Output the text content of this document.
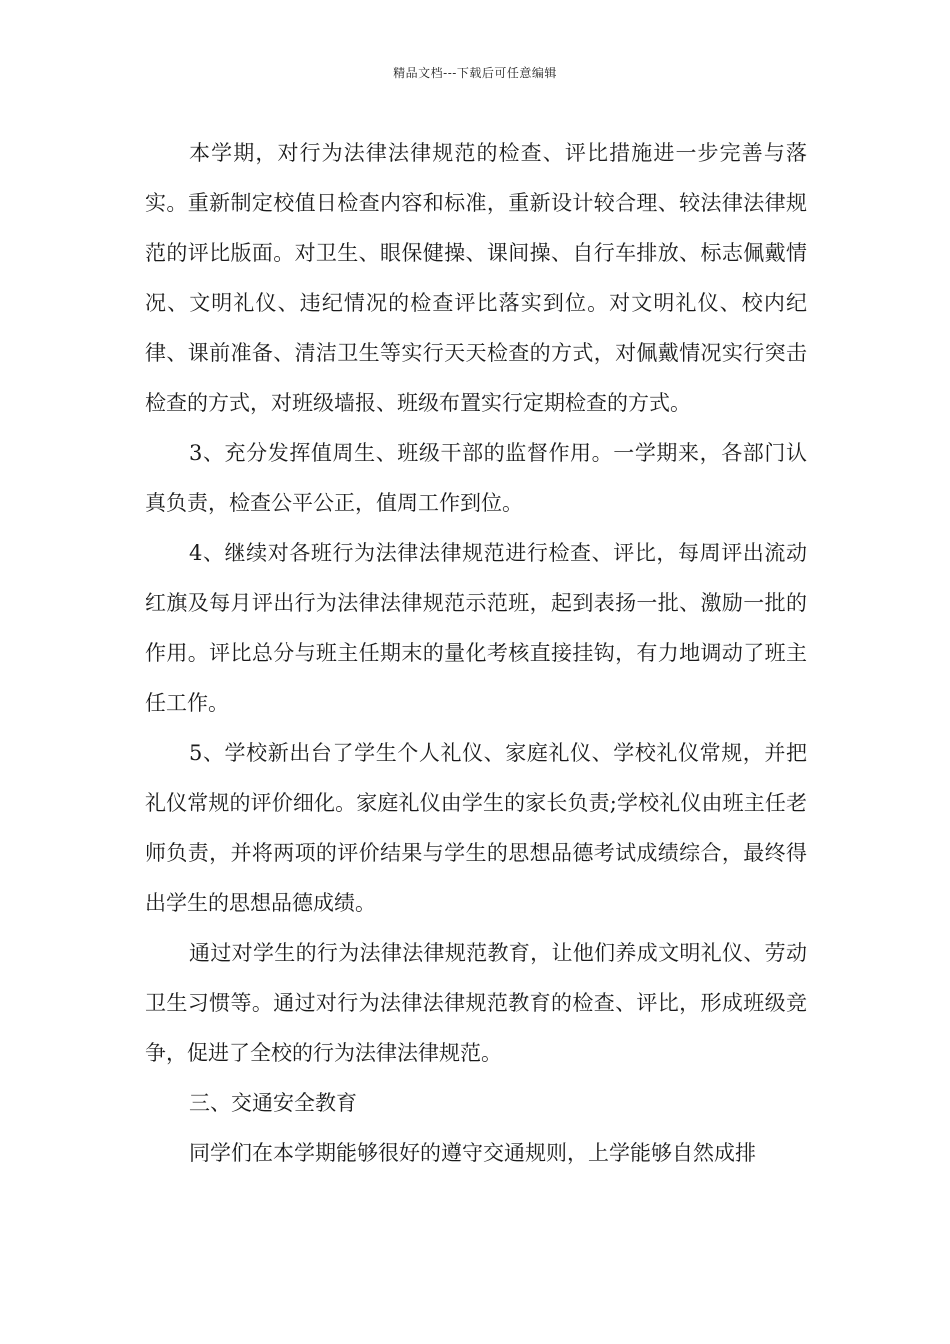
精品文档---下载后可任意编辑

本学期，对行为法律法律规范的检查、评比措施进一步完善与落实。重新制定校值日检查内容和标准，重新设计较合理、较法律法律规范的评比版面。对卫生、眼保健操、课间操、自行车排放、标志佩戴情况、文明礼仪、违纪情况的检查评比落实到位。对文明礼仪、校内纪律、课前准备、清洁卫生等实行天天检查的方式，对佩戴情况实行突击检查的方式，对班级墙报、班级布置实行定期检查的方式。

3、充分发挥值周生、班级干部的监督作用。一学期来，各部门认真负责，检查公平公正，值周工作到位。

4、继续对各班行为法律法律规范进行检查、评比，每周评出流动红旗及每月评出行为法律法律规范示范班，起到表扬一批、激励一批的作用。评比总分与班主任期末的量化考核直接挂钩，有力地调动了班主任工作。

5、学校新出台了学生个人礼仪、家庭礼仪、学校礼仪常规，并把礼仪常规的评价细化。家庭礼仪由学生的家长负责;学校礼仪由班主任老师负责，并将两项的评价结果与学生的思想品德考试成绩综合，最终得出学生的思想品德成绩。

通过对学生的行为法律法律规范教育，让他们养成文明礼仪、劳动卫生习惯等。通过对行为法律法律规范教育的检查、评比，形成班级竞争，促进了全校的行为法律法律规范。

三、交通安全教育

同学们在本学期能够很好的遵守交通规则，上学能够自然成排
